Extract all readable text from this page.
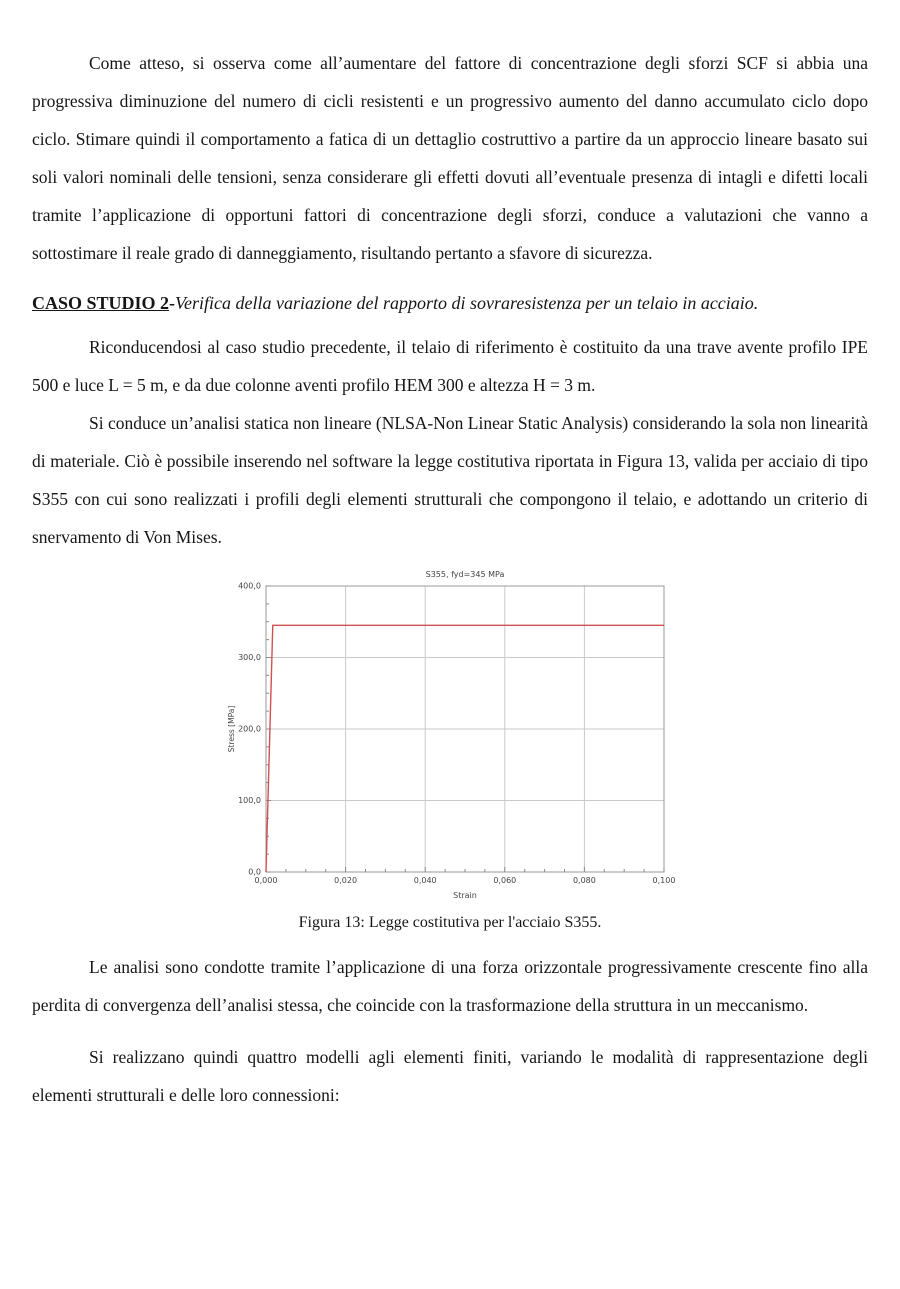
Come atteso, si osserva come all’aumentare del fattore di concentrazione degli sforzi SCF si abbia una progressiva diminuzione del numero di cicli resistenti e un progressivo aumento del danno accumulato ciclo dopo ciclo. Stimare quindi il comportamento a fatica di un dettaglio costruttivo a partire da un approccio lineare basato sui soli valori nominali delle tensioni, senza considerare gli effetti dovuti all’eventuale presenza di intagli e difetti locali tramite l’applicazione di opportuni fattori di concentrazione degli sforzi, conduce a valutazioni che vanno a sottostimare il reale grado di danneggiamento, risultando pertanto a sfavore di sicurezza.

CASO STUDIO 2-Verifica della variazione del rapporto di sovraresistenza per un telaio in acciaio.

Riconducendosi al caso studio precedente, il telaio di riferimento è costituito da una trave avente profilo IPE 500 e luce L = 5 m, e da due colonne aventi profilo HEM 300 e altezza H = 3 m.

Si conduce un’analisi statica non lineare (NLSA-Non Linear Static Analysis) considerando la sola non linearità di materiale. Ciò è possibile inserendo nel software la legge costitutiva riportata in Figura 13, valida per acciaio di tipo S355 con cui sono realizzati i profili degli elementi strutturali che compongono il telaio, e adottando un criterio di snervamento di Von Mises.

0,000	0,020	0,040	0,060	0,080	0,100
0,0
100,0
200,0
300,0
400,0
S355, fyd=345 MPa
Strain
Stress [MPa]
Figura 13: Legge costitutiva per l'acciaio S355.

Le analisi sono condotte tramite l’applicazione di una forza orizzontale progressivamente crescente fino alla perdita di convergenza dell’analisi stessa, che coincide con la trasformazione della struttura in un meccanismo.

Si realizzano quindi quattro modelli agli elementi finiti, variando le modalità di rappresentazione degli elementi strutturali e delle loro connessioni:
